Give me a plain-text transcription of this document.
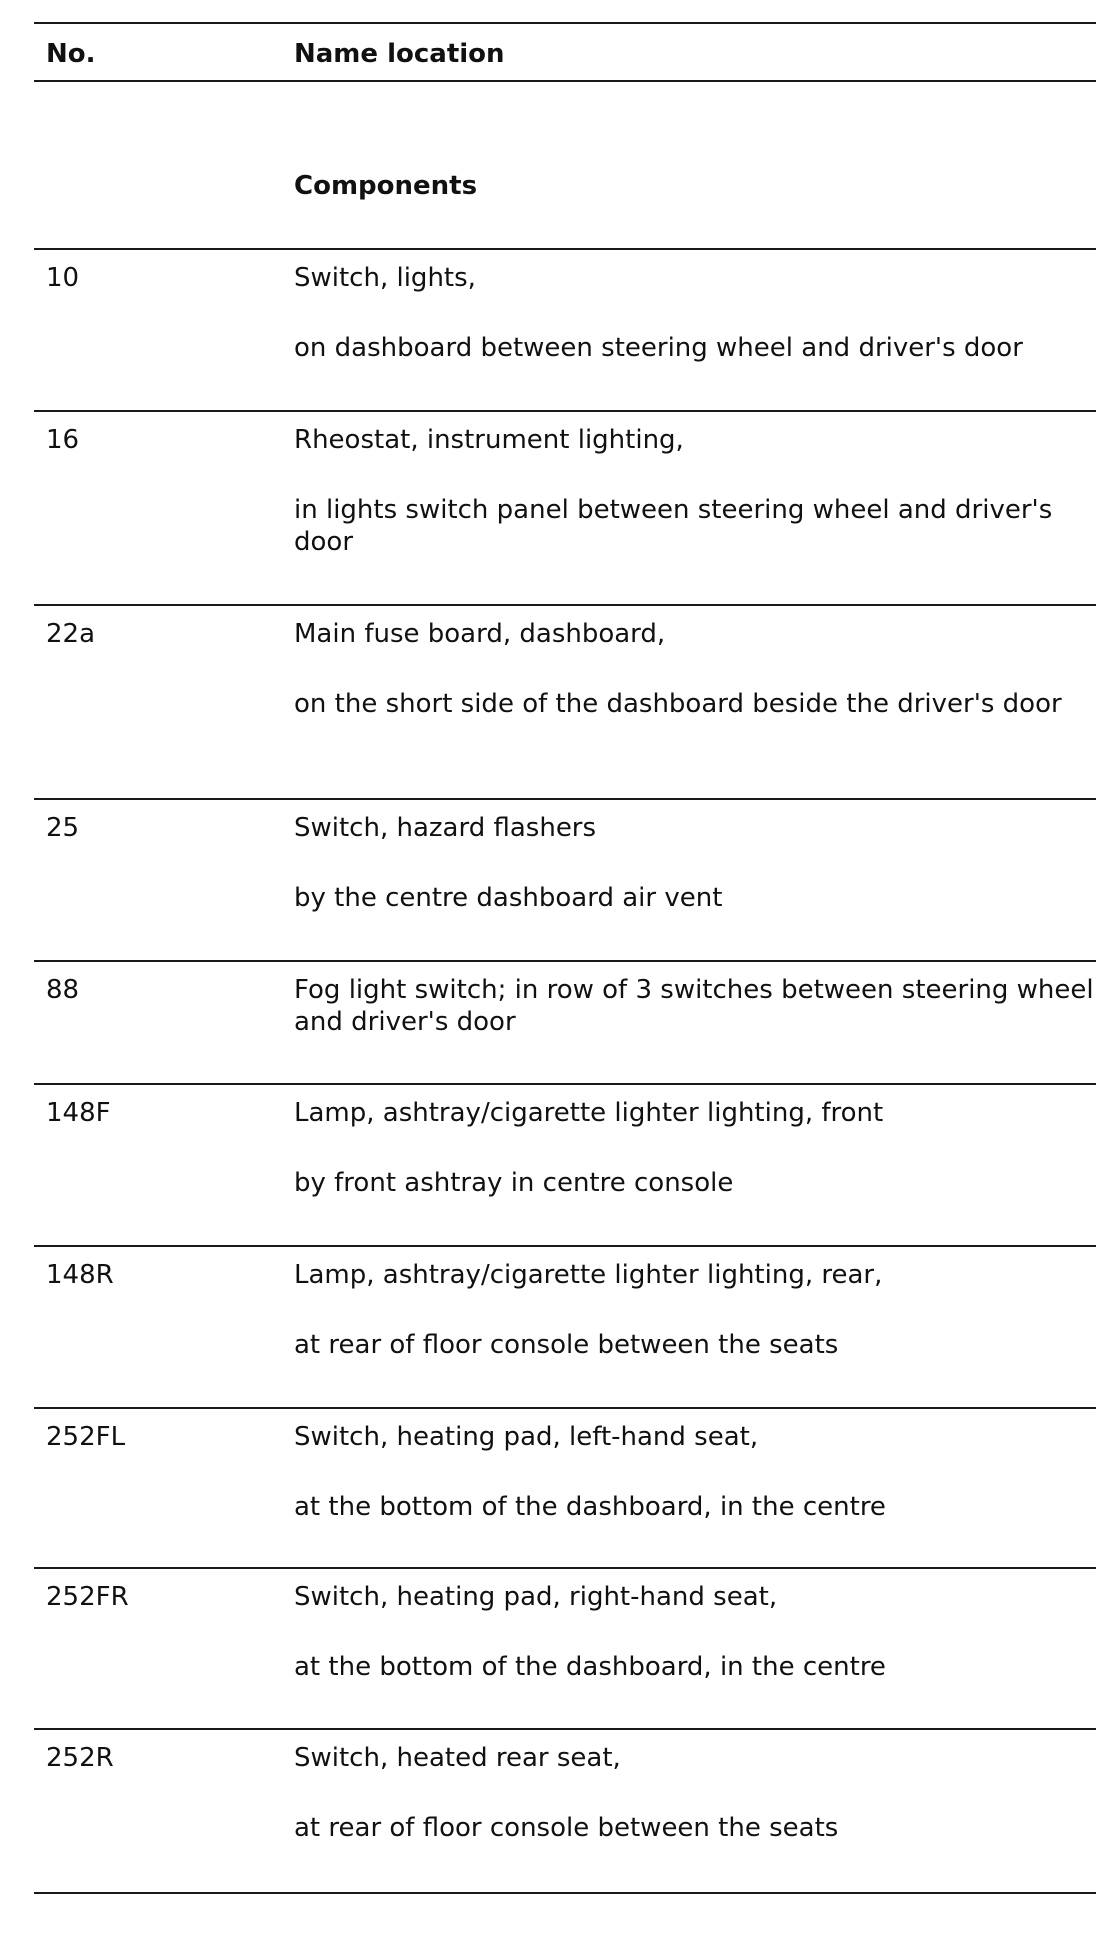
No.	Name location
Components
10	Switch, lights,
on dashboard between steering wheel and driver's door
16	Rheostat, instrument lighting,
in lights switch panel between steering wheel and driver's door
22a	Main fuse board, dashboard,
on the short side of the dashboard beside the driver's door
25	Switch, hazard flashers
by the centre dashboard air vent
88	Fog light switch; in row of 3 switches between steering wheel and driver's door
148F	Lamp, ashtray/cigarette lighter lighting, front
by front ashtray in centre console
148R	Lamp, ashtray/cigarette lighter lighting, rear,
at rear of floor console between the seats
252FL	Switch, heating pad, left-hand seat,
at the bottom of the dashboard, in the centre
252FR	Switch, heating pad, right-hand seat,
at the bottom of the dashboard, in the centre
252R	Switch, heated rear seat,
at rear of floor console between the seats
